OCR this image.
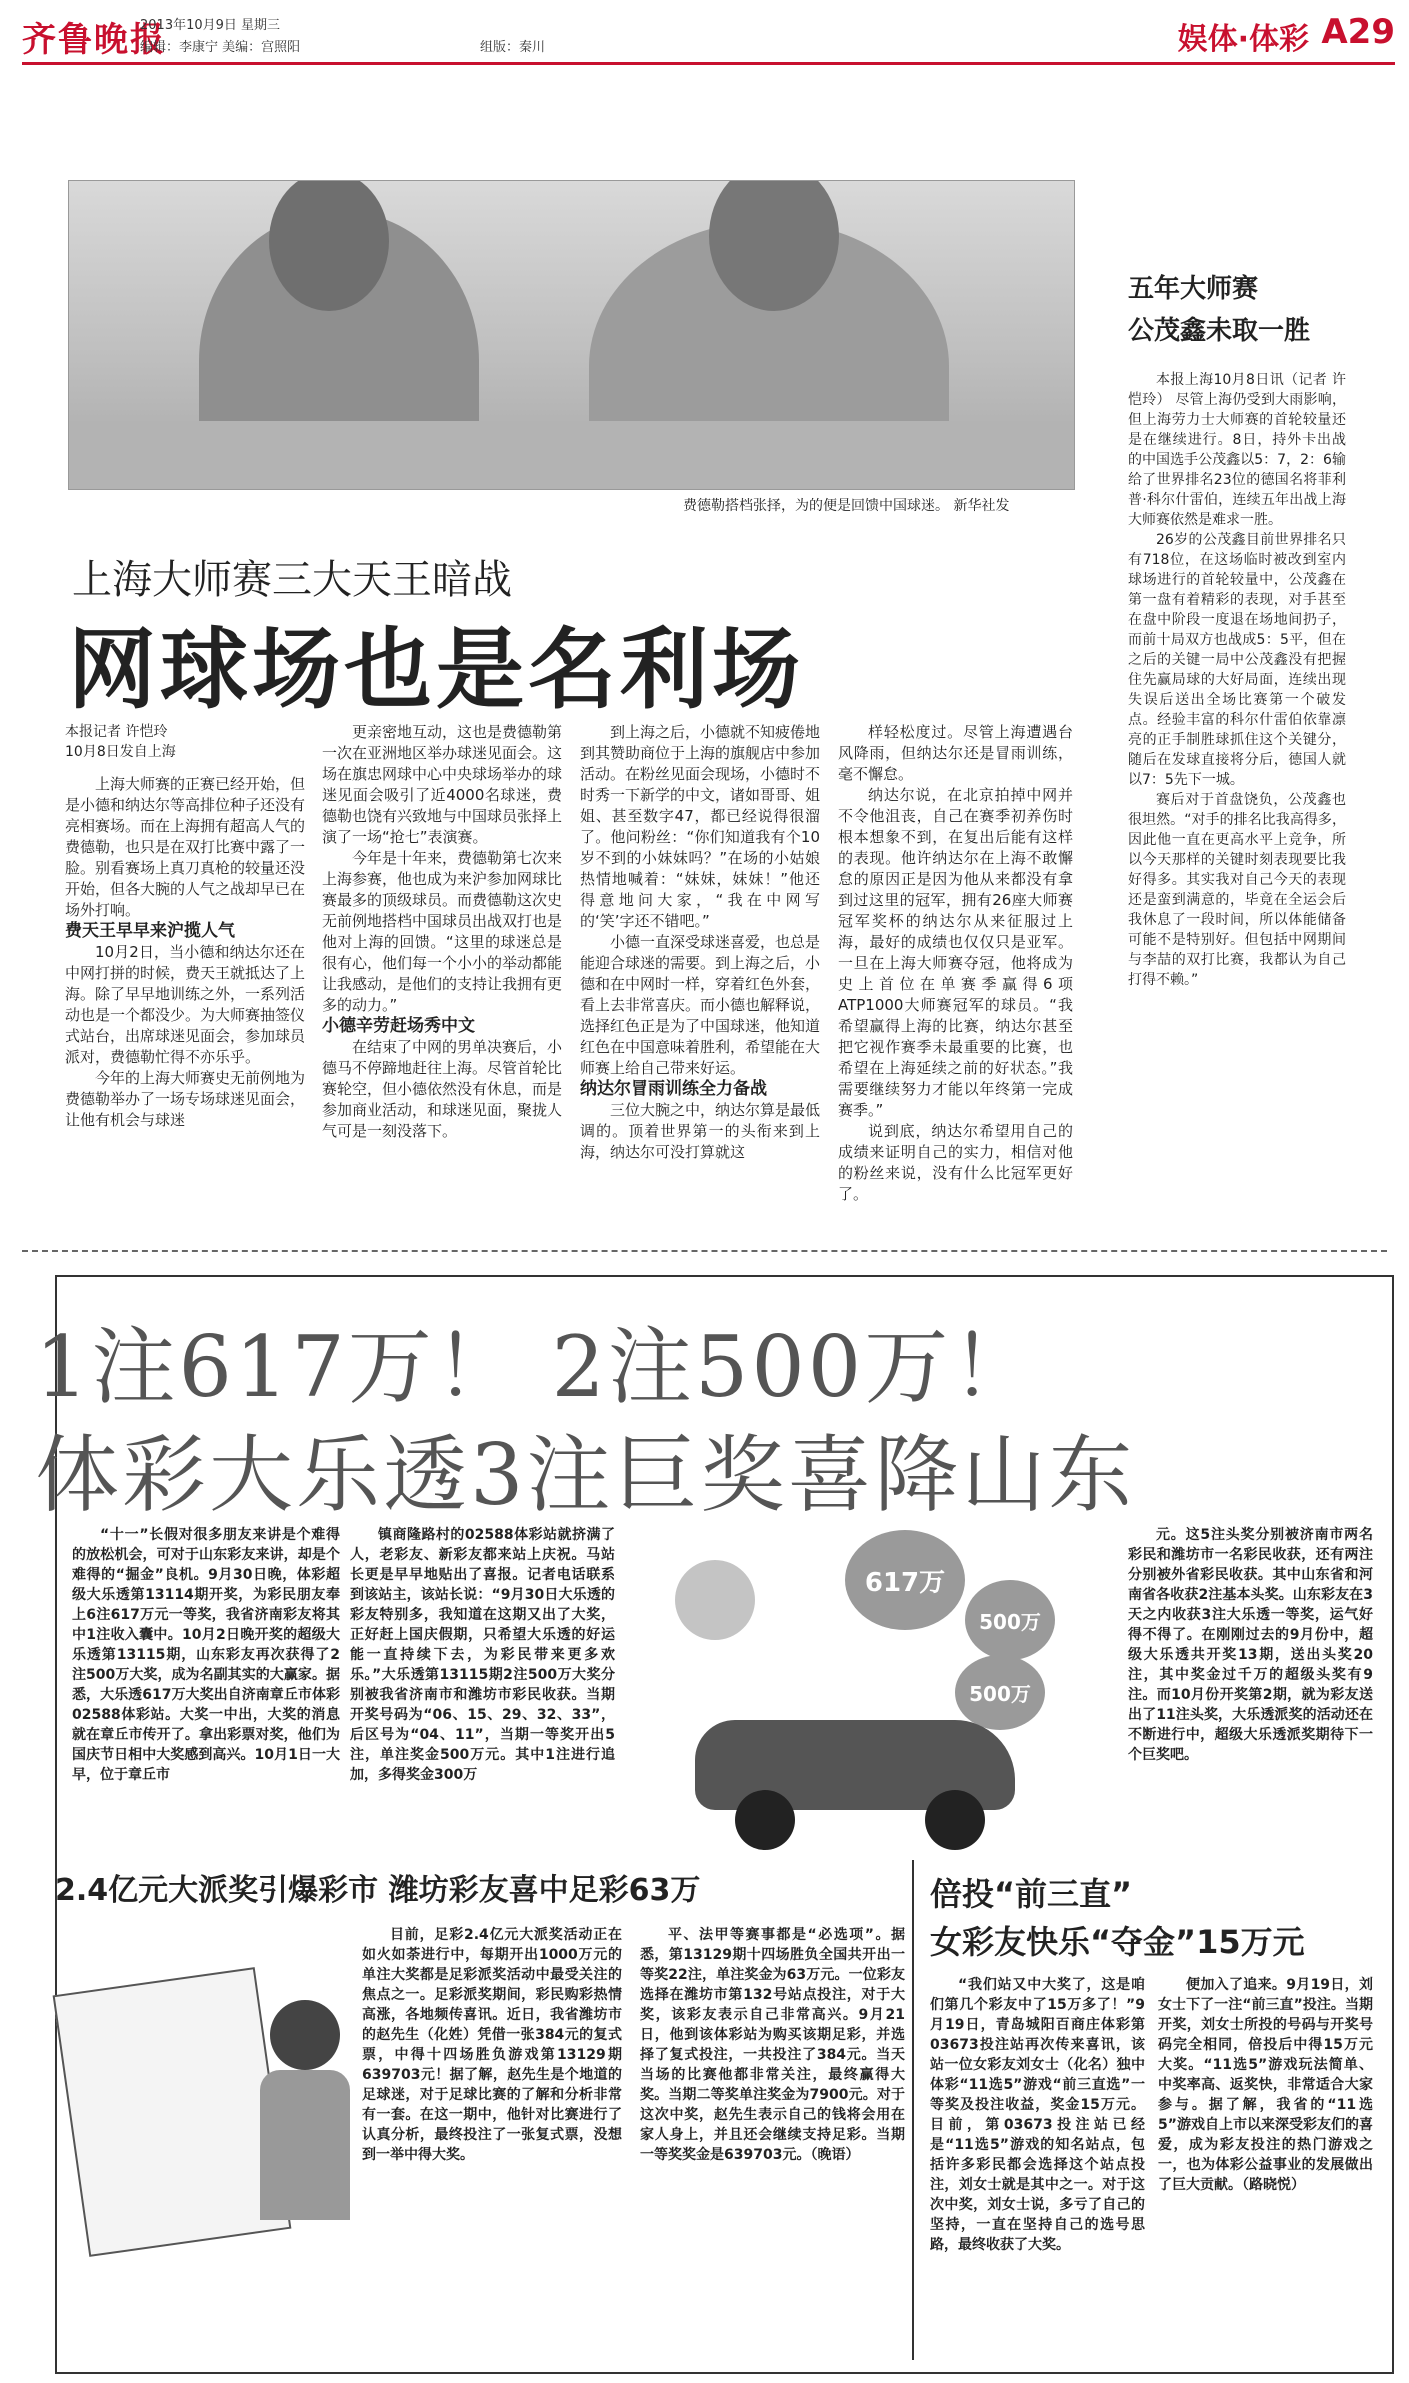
齐鲁晚报
2013年10月9日 星期三
编辑：李康宁 美编：宫照阳	组版：秦川	娱体·体彩 A29
费德勒搭档张择，为的便是回馈中国球迷。 新华社发
上海大师赛三大天王暗战
网球场也是名利场
本报记者 许恺玲
10月8日发自上海

上海大师赛的正赛已经开始，但是小德和纳达尔等高排位种子还没有亮相赛场。而在上海拥有超高人气的费德勒，也只是在双打比赛中露了一脸。别看赛场上真刀真枪的较量还没开始，但各大腕的人气之战却早已在场外打响。

费天王早早来沪揽人气

10月2日，当小德和纳达尔还在中网打拼的时候，费天王就抵达了上海。除了早早地训练之外，一系列活动也是一个都没少。为大师赛抽签仪式站台，出席球迷见面会，参加球员派对，费德勒忙得不亦乐乎。

今年的上海大师赛史无前例地为费德勒举办了一场专场球迷见面会，让他有机会与球迷

更亲密地互动，这也是费德勒第一次在亚洲地区举办球迷见面会。这场在旗忠网球中心中央球场举办的球迷见面会吸引了近4000名球迷，费德勒也饶有兴致地与中国球员张择上演了一场“抢七”表演赛。

今年是十年来，费德勒第七次来上海参赛，他也成为来沪参加网球比赛最多的顶级球员。而费德勒这次史无前例地搭档中国球员出战双打也是他对上海的回馈。“这里的球迷总是很有心，他们每一个小小的举动都能让我感动，是他们的支持让我拥有更多的动力。”

小德辛劳赶场秀中文

在结束了中网的男单决赛后，小德马不停蹄地赶往上海。尽管首轮比赛轮空，但小德依然没有休息，而是参加商业活动，和球迷见面，聚拢人气可是一刻没落下。

到上海之后，小德就不知疲倦地到其赞助商位于上海的旗舰店中参加活动。在粉丝见面会现场，小德时不时秀一下新学的中文，诸如哥哥、姐姐、甚至数字47，都已经说得很溜了。他问粉丝：“你们知道我有个10岁不到的小妹妹吗？”在场的小姑娘热情地喊着：“妹妹，妹妹！”他还得意地问大家，“我在中网写的‘笑’字还不错吧。”

小德一直深受球迷喜爱，也总是能迎合球迷的需要。到上海之后，小德和在中网时一样，穿着红色外套，看上去非常喜庆。而小德也解释说，选择红色正是为了中国球迷，他知道红色在中国意味着胜利，希望能在大师赛上给自己带来好运。

纳达尔冒雨训练全力备战

三位大腕之中，纳达尔算是最低调的。顶着世界第一的头衔来到上海，纳达尔可没打算就这

样轻松度过。尽管上海遭遇台风降雨，但纳达尔还是冒雨训练，毫不懈怠。

纳达尔说，在北京拍掉中网并不令他沮丧，自己在赛季初养伤时根本想象不到，在复出后能有这样的表现。他许纳达尔在上海不敢懈怠的原因正是因为他从来都没有拿到过这里的冠军，拥有26座大师赛冠军奖杯的纳达尔从来征服过上海，最好的成绩也仅仅只是亚军。一旦在上海大师赛夺冠，他将成为史上首位在单赛季赢得6项ATP1000大师赛冠军的球员。“我希望赢得上海的比赛，纳达尔甚至把它视作赛季未最重要的比赛，也希望在上海延续之前的好状态。”我需要继续努力才能以年终第一完成赛季。”

说到底，纳达尔希望用自己的成绩来证明自己的实力，相信对他的粉丝来说，没有什么比冠军更好了。

五年大师赛
公茂鑫未取一胜

本报上海10月8日讯（记者 许恺玲） 尽管上海仍受到大雨影响，但上海劳力士大师赛的首轮较量还是在继续进行。8日，持外卡出战的中国选手公茂鑫以5：7，2：6输给了世界排名23位的德国名将菲利普·科尔什雷伯，连续五年出战上海大师赛依然是难求一胜。

26岁的公茂鑫目前世界排名只有718位，在这场临时被改到室内球场进行的首轮较量中，公茂鑫在第一盘有着精彩的表现，对手甚至在盘中阶段一度退在场地间扔子，而前十局双方也战成5：5平，但在之后的关键一局中公茂鑫没有把握住先赢局球的大好局面，连续出现失误后送出全场比赛第一个破发点。经验丰富的科尔什雷伯依靠凛亮的正手制胜球抓住这个关键分，随后在发球直接将分后，德国人就以7：5先下一城。

赛后对于首盘饶负，公茂鑫也很坦然。“对手的排名比我高得多，因此他一直在更高水平上竞争，所以今天那样的关键时刻表现要比我好得多。其实我对自己今天的表现还是蛮到满意的，毕竟在全运会后我休息了一段时间，所以体能储备可能不是特别好。但包括中网期间与李喆的双打比赛，我都认为自己打得不赖。”

1注617万！ 2注500万！
体彩大乐透3注巨奖喜降山东

“十一”长假对很多朋友来讲是个难得的放松机会，可对于山东彩友来讲，却是个难得的“掘金”良机。9月30日晚，体彩超级大乐透第13114期开奖，为彩民朋友奉上6注617万元一等奖，我省济南彩友将其中1注收入囊中。10月2日晚开奖的超级大乐透第13115期，山东彩友再次获得了2注500万大奖，成为名副其实的大赢家。据悉，大乐透617万大奖出自济南章丘市体彩02588体彩站。大奖一中出，大奖的消息就在章丘市传开了。拿出彩票对奖，他们为国庆节日相中大奖感到高兴。10月1日一大早，位于章丘市

镇商隆路村的02588体彩站就挤满了人，老彩友、新彩友都来站上庆祝。马站长更是早早地贴出了喜报。记者电话联系到该站主，该站长说：“9月30日大乐透的彩友特别多，我知道在这期又出了大奖，正好赶上国庆假期，只希望大乐透的好运能一直持续下去，为彩民带来更多欢乐。”大乐透第13115期2注500万大奖分别被我省济南市和潍坊市彩民收获。当期开奖号码为“06、15、29、32、33”，后区号为“04、11”，当期一等奖开出5注，单注奖金500万元。其中1注进行追加，多得奖金300万

617万
500万
500万

元。这5注头奖分别被济南市两名彩民和潍坊市一名彩民收获，还有两注分别被外省彩民收获。其中山东省和河南省各收获2注基本头奖。山东彩友在3天之内收获3注大乐透一等奖，运气好得不得了。在刚刚过去的9月份中，超级大乐透共开奖13期，送出头奖20注，其中奖金过千万的超级头奖有9注。而10月份开奖第2期，就为彩友送出了11注头奖，大乐透派奖的活动还在不断进行中，超级大乐透派奖期待下一个巨奖吧。

2.4亿元大派奖引爆彩市 潍坊彩友喜中足彩63万

目前，足彩2.4亿元大派奖活动正在如火如荼进行中，每期开出1000万元的单注大奖都是足彩派奖活动中最受关注的焦点之一。足彩派奖期间，彩民购彩热情高涨，各地频传喜讯。近日，我省潍坊市的赵先生（化姓）凭借一张384元的复式票，中得十四场胜负游戏第13129期639703元！据了解，赵先生是个地道的足球迷，对于足球比赛的了解和分析非常有一套。在这一期中，他针对比赛进行了认真分析，最终投注了一张复式票，没想到一举中得大奖。

平、法甲等赛事都是“必选项”。据悉，第13129期十四场胜负全国共开出一等奖22注，单注奖金为63万元。一位彩友选择在潍坊市第132号站点投注，对于大奖，该彩友表示自己非常高兴。9月21日，他到该体彩站为购买该期足彩，并选择了复式投注，一共投注了384元。当天当场的比赛他都非常关注，最终赢得大奖。当期二等奖单注奖金为7900元。对于这次中奖，赵先生表示自己的钱将会用在家人身上，并且还会继续支持足彩。当期一等奖奖金是639703元。（晚语）

倍投“前三直”
女彩友快乐“夺金”15万元

“我们站又中大奖了，这是咱们第几个彩友中了15万多了！”9月19日，青岛城阳百商庄体彩第03673投注站再次传来喜讯，该站一位女彩友刘女士（化名）独中体彩“11选5”游戏“前三直选”一等奖及投注收益，奖金15万元。目前，第03673投注站已经是“11选5”游戏的知名站点，包括许多彩民都会选择这个站点投注，刘女士就是其中之一。对于这次中奖，刘女士说，多亏了自己的坚持，一直在坚持自己的选号思路，最终收获了大奖。

便加入了追来。9月19日，刘女士下了一注“前三直”投注。当期开奖，刘女士所投的号码与开奖号码完全相同，倍投后中得15万元大奖。“11选5”游戏玩法简单、中奖率高、返奖快，非常适合大家参与。据了解，我省的“11选5”游戏自上市以来深受彩友们的喜爱，成为彩友投注的热门游戏之一，也为体彩公益事业的发展做出了巨大贡献。（路晓悦）
